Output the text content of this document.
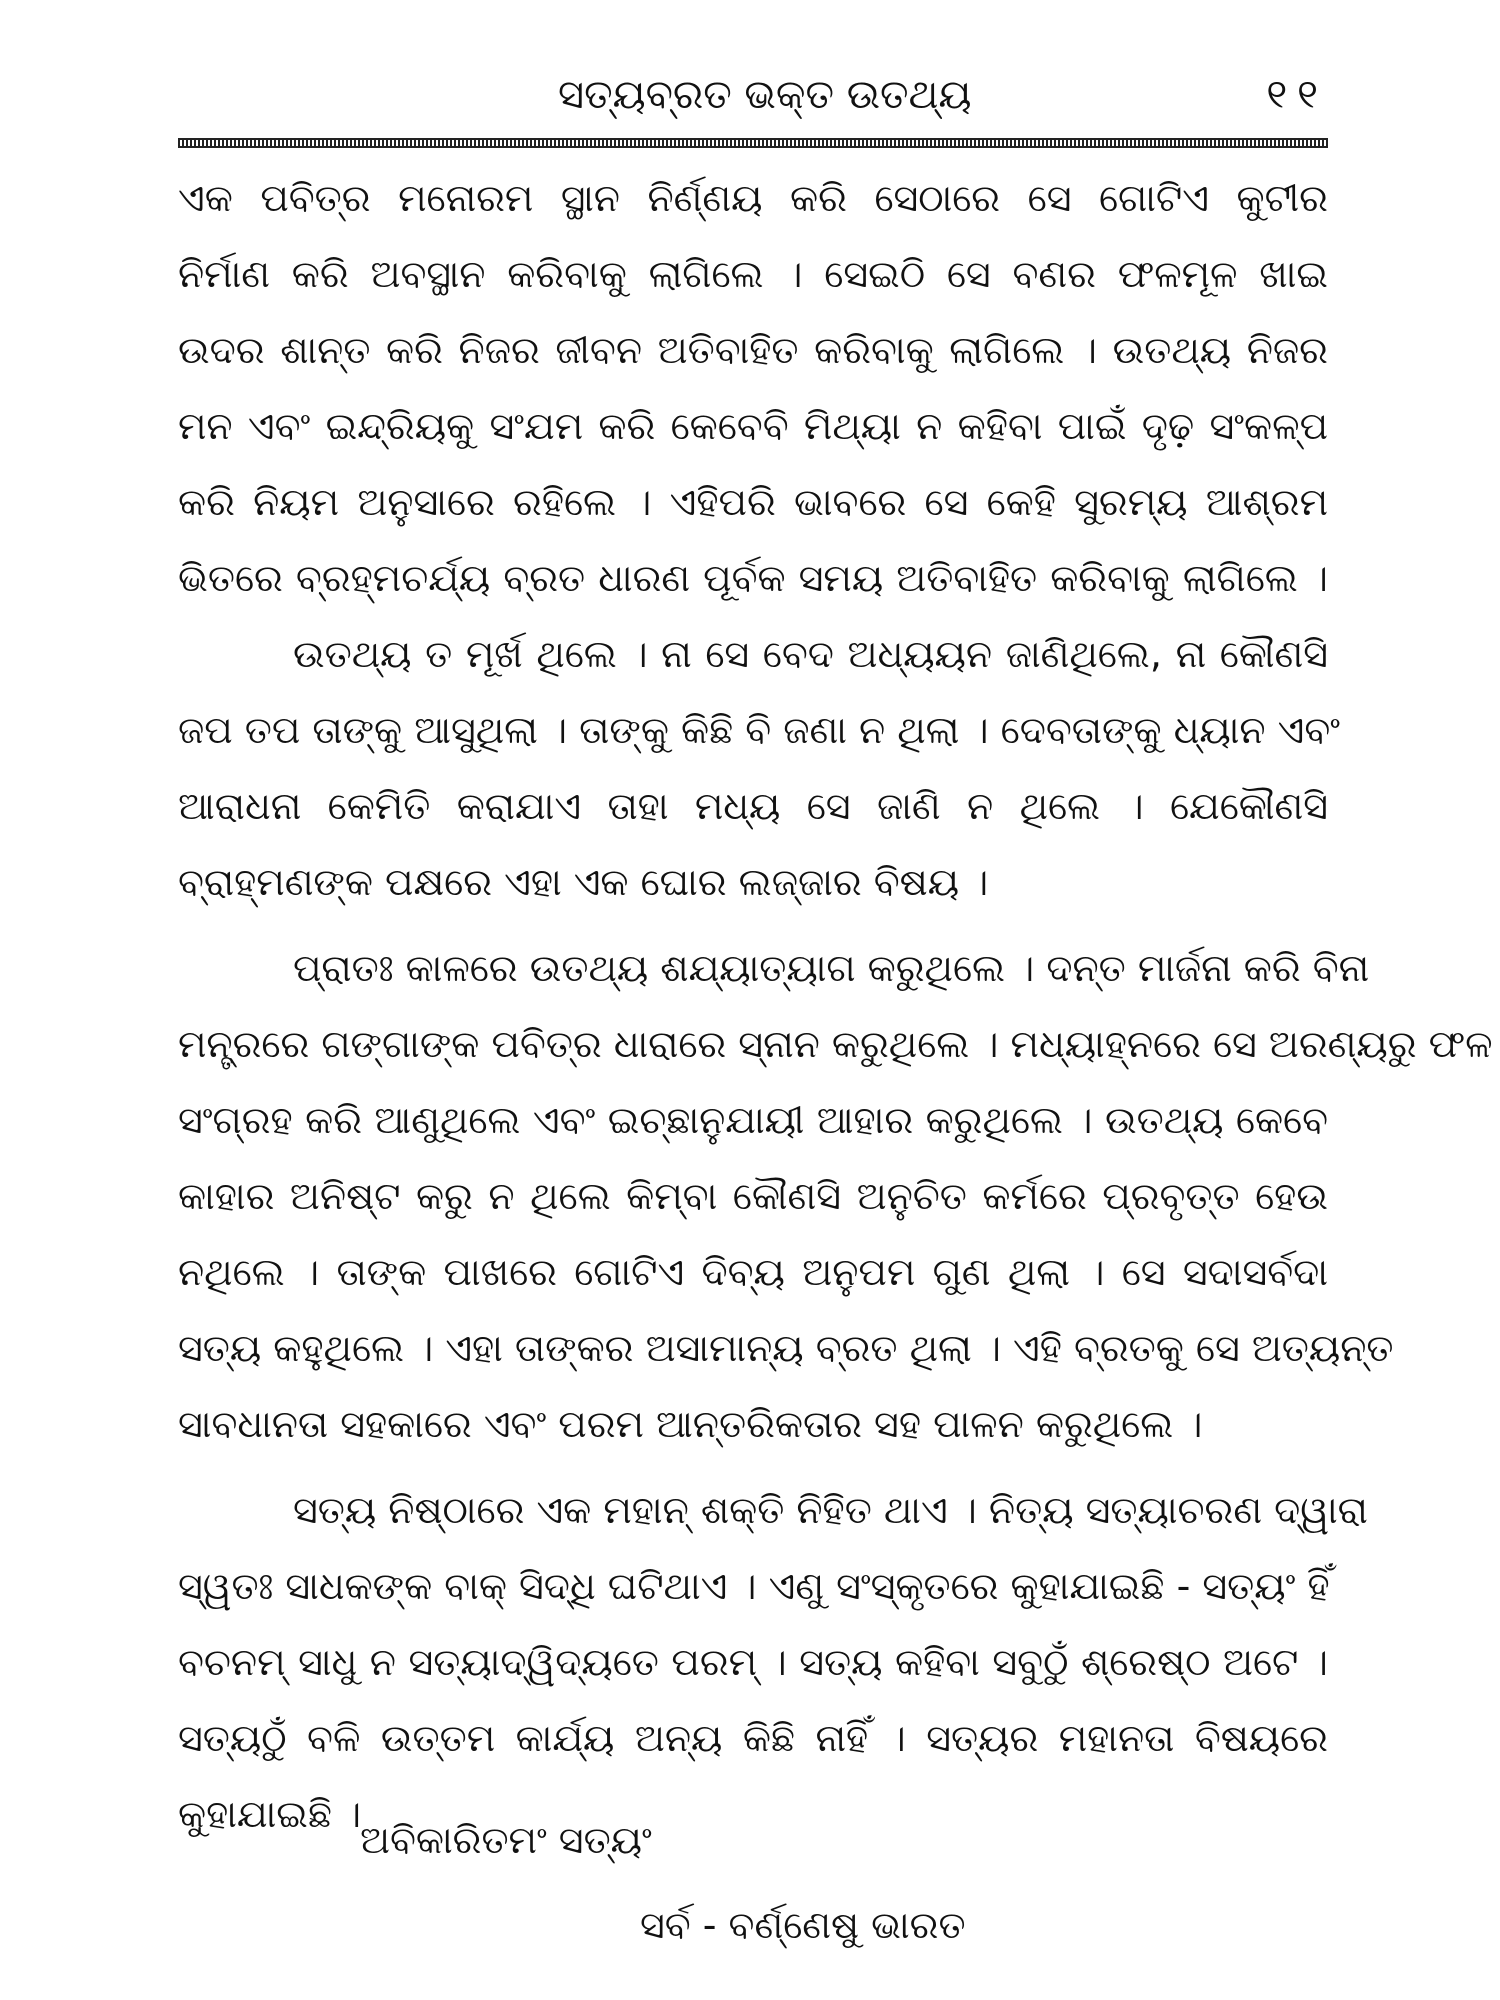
ସତ୍ୟବ୍ରତ ଭକ୍ତ ଉତଥ୍ୟ	୧୧
ଏକ ପବିତ୍ର ମନୋରମ ସ୍ଥାନ ନିର୍ଣ୍ଣୟ କରି ସେଠାରେ ସେ ଗୋଟିଏ କୁଟୀର
ନିର୍ମାଣ କରି ଅବସ୍ଥାନ କରିବାକୁ ଲାଗିଲେ । ସେଇଠି ସେ ବଣର ଫଳମୂଳ ଖାଇ
ଉଦର ଶାନ୍ତ କରି ନିଜର ଜୀବନ ଅତିବାହିତ କରିବାକୁ ଲାଗିଲେ । ଉତଥ୍ୟ ନିଜର
ମନ ଏବଂ ଇନ୍ଦ୍ରିୟକୁ ସଂଯମ କରି କେବେବି ମିଥ୍ୟା ନ କହିବା ପାଇଁ ଦୃଢ଼ ସଂକଳ୍ପ
କରି ନିୟମ ଅନୁସାରେ ରହିଲେ । ଏହିପରି ଭାବରେ ସେ କେହି ସୁରମ୍ୟ ଆଶ୍ରମ
ଭିତରେ ବ୍ରହ୍ମଚର୍ଯ୍ୟ ବ୍ରତ ଧାରଣ ପୂର୍ବକ ସମୟ ଅତିବାହିତ କରିବାକୁ ଲାଗିଲେ ।
ଉତଥ୍ୟ ତ ମୂର୍ଖ ଥିଲେ । ନା ସେ ବେଦ ଅଧ୍ୟୟନ ଜାଣିଥିଲେ, ନା କୌଣସି
ଜପ ତପ ତାଙ୍କୁ ଆସୁଥିଲା । ତାଙ୍କୁ କିଛି ବି ଜଣା ନ ଥିଲା । ଦେବତାଙ୍କୁ ଧ୍ୟାନ ଏବଂ
ଆରାଧନା କେମିତି କରାଯାଏ ତାହା ମଧ୍ୟ ସେ ଜାଣି ନ ଥିଲେ । ଯେକୌଣସି
ବ୍ରାହ୍ମଣଙ୍କ ପକ୍ଷରେ ଏହା ଏକ ଘୋର ଲଜ୍ଜାର ବିଷୟ ।
ପ୍ରାତଃ କାଳରେ ଉତଥ୍ୟ ଶଯ୍ୟାତ୍ୟାଗ କରୁଥିଲେ । ଦନ୍ତ ମାର୍ଜନା କରି ବିନା
ମନ୍ତ୍ରରେ ଗଙ୍ଗାଙ୍କ ପବିତ୍ର ଧାରାରେ ସ୍ନାନ କରୁଥିଲେ । ମଧ୍ୟାହ୍ନରେ ସେ ଅରଣ୍ୟରୁ ଫଳ
ସଂଗ୍ରହ କରି ଆଣୁଥିଲେ ଏବଂ ଇଚ୍ଛାନୁଯାୟୀ ଆହାର କରୁଥିଲେ । ଉତଥ୍ୟ କେବେ
କାହାର ଅନିଷ୍ଟ କରୁ ନ ଥିଲେ କିମ୍ବା କୌଣସି ଅନୁଚିତ କର୍ମରେ ପ୍ରବୃତ୍ତ ହେଉ
ନଥିଲେ । ତାଙ୍କ ପାଖରେ ଗୋଟିଏ ଦିବ୍ୟ ଅନୁପମ ଗୁଣ ଥିଲା । ସେ ସଦାସର୍ବଦା
ସତ୍ୟ କହୁଥିଲେ । ଏହା ତାଙ୍କର ଅସାମାନ୍ୟ ବ୍ରତ ଥିଲା । ଏହି ବ୍ରତକୁ ସେ ଅତ୍ୟନ୍ତ
ସାବଧାନତା ସହକାରେ ଏବଂ ପରମ ଆନ୍ତରିକତାର ସହ ପାଳନ କରୁଥିଲେ ।
ସତ୍ୟ ନିଷ୍ଠାରେ ଏକ ମହାନ୍ ଶକ୍ତି ନିହିତ ଥାଏ । ନିତ୍ୟ ସତ୍ୟାଚରଣ ଦ୍ୱାରା
ସ୍ୱତଃ ସାଧକଙ୍କ ବାକ୍ ସିଦ୍ଧି ଘଟିଥାଏ । ଏଣୁ ସଂସ୍କୃତରେ କୁହାଯାଇଛି - ସତ୍ୟଂ ହିଁ
ବଚନମ୍ ସାଧୁ ନ ସତ୍ୟାଦ୍ୱିଦ୍ୟତେ ପରମ୍ । ସତ୍ୟ କହିବା ସବୁଠୁଁ ଶ୍ରେଷ୍ଠ ଅଟେ ।
ସତ୍ୟଠୁଁ ବଳି ଉତ୍ତମ କାର୍ଯ୍ୟ ଅନ୍ୟ କିଛି ନାହିଁ । ସତ୍ୟର ମହାନତା ବିଷୟରେ
କୁହାଯାଇଛି ।
ଅବିକାରିତମଂ ସତ୍ୟଂ
ସର୍ବ - ବର୍ଣ୍ଣେଷୁ ଭାରତ
